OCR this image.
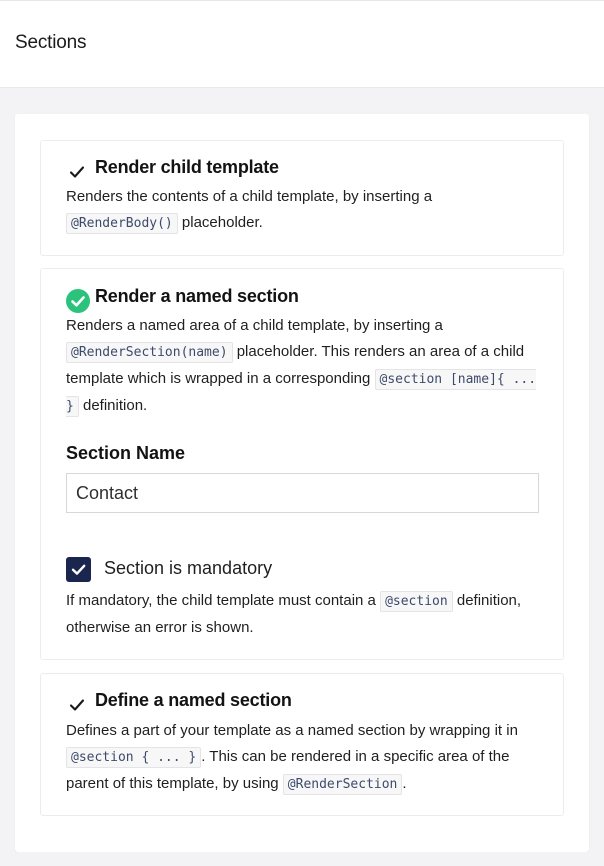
Sections
Render child template
Renders the contents of a child template, by inserting a @RenderBody() placeholder.
Render a named section
Renders a named area of a child template, by inserting a @RenderSection(name) placeholder. This renders an area of a child template which is wrapped in a corresponding @section [name]{ ... } definition.
Section Name
Contact
Section is mandatory
If mandatory, the child template must contain a @section definition, otherwise an error is shown.
Define a named section
Defines a part of your template as a named section by wrapping it in @section { ... } . This can be rendered in a specific area of the parent of this template, by using @RenderSection .
